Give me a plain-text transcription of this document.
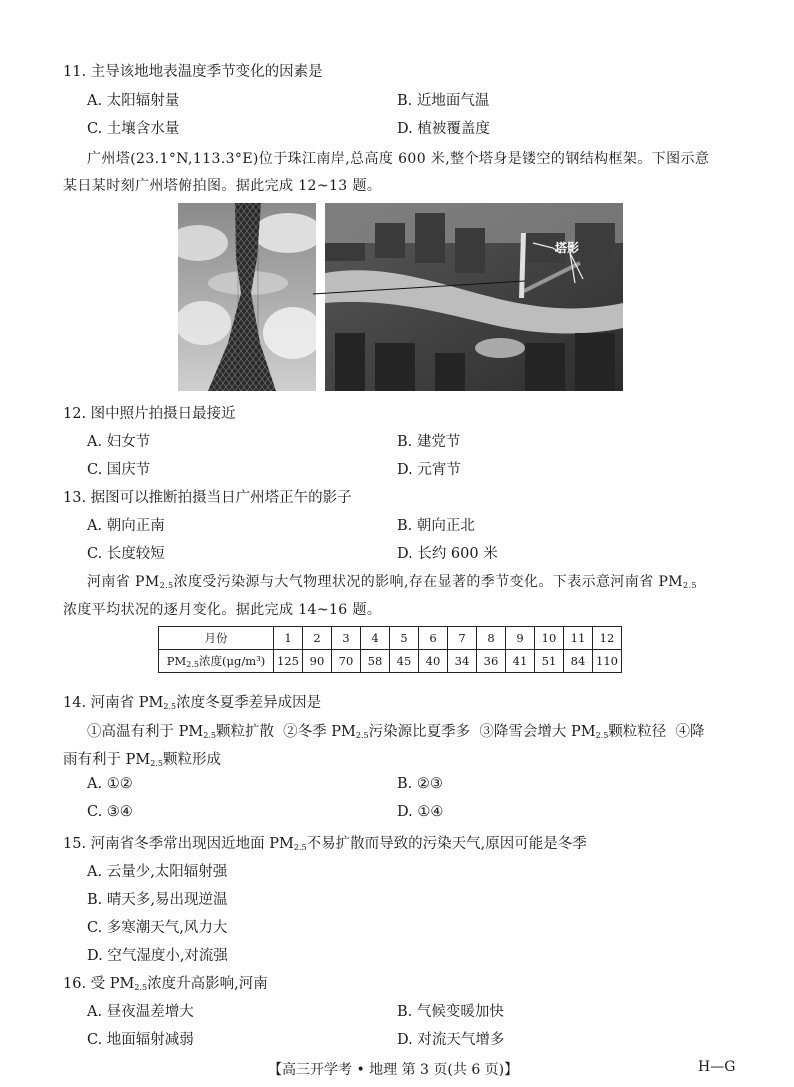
11. 主导该地地表温度季节变化的因素是
A. 太阳辐射量	B. 近地面气温
C. 土壤含水量	D. 植被覆盖度
广州塔(23.1°N,113.3°E)位于珠江南岸,总高度 600 米,整个塔身是镂空的钢结构框架。下图示意
某日某时刻广州塔俯拍图。据此完成 12~13 题。
塔影
12. 图中照片拍摄日最接近
A. 妇女节	B. 建党节
C. 国庆节	D. 元宵节
13. 据图可以推断拍摄当日广州塔正午的影子
A. 朝向正南	B. 朝向正北
C. 长度较短	D. 长约 600 米
河南省 $PM_{2.5}$浓度受污染源与大气物理状况的影响,存在显著的季节变化。下表示意河南省 $PM_{2.5}$
浓度平均状况的逐月变化。据此完成 14~16 题。
月份	1	2	3	4	5	6	7	8	9	10	11	12
$PM_{2.5}$浓度(μg/m³)	125	90	70	58	45	40	34	36	41	51	84	110
14. 河南省 $PM_{2.5}$浓度冬夏季差异成因是
①高温有利于 $PM_{2.5}$颗粒扩散 ②冬季 $PM_{2.5}$污染源比夏季多 ③降雪会增大 $PM_{2.5}$颗粒粒径 ④降
雨有利于 $PM_{2.5}$颗粒形成
A. ①②	B. ②③
C. ③④	D. ①④
15. 河南省冬季常出现因近地面 $PM_{2.5}$不易扩散而导致的污染天气,原因可能是冬季
A. 云量少,太阳辐射强
B. 晴天多,易出现逆温
C. 多寒潮天气,风力大
D. 空气湿度小,对流强
16. 受 $PM_{2.5}$浓度升高影响,河南
A. 昼夜温差增大	B. 气候变暖加快
C. 地面辐射减弱	D. 对流天气增多
【高三开学考 • 地理 第 3 页(共 6 页)】	H—G
